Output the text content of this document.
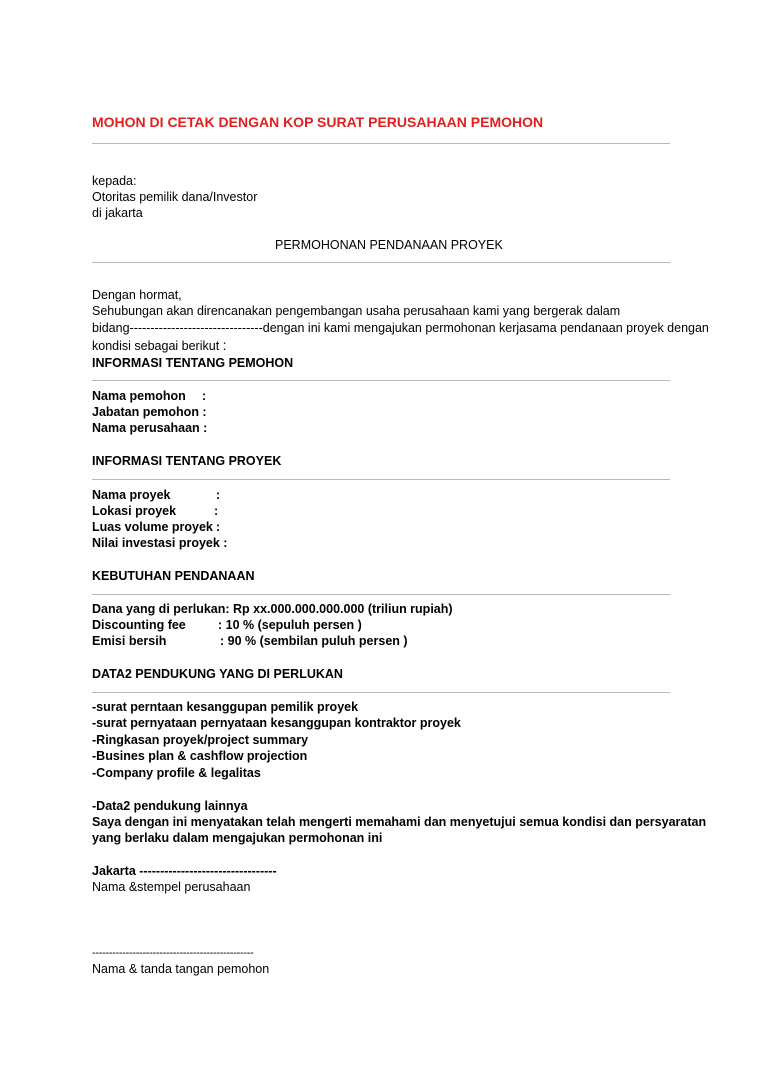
MOHON DI CETAK DENGAN KOP SURAT PERUSAHAAN PEMOHON
kepada:
Otoritas pemilik dana/Investor
di jakarta
PERMOHONAN PENDANAAN PROYEK
Dengan hormat,
Sehubungan akan direncanakan pengembangan usaha perusahaan kami yang bergerak dalam
bidang--------------------------------dengan ini kami mengajukan permohonan kerjasama pendanaan proyek dengan
kondisi sebagai berikut :
INFORMASI TENTANG PEMOHON
Nama pemohon :
Jabatan pemohon :
Nama perusahaan :
INFORMASI TENTANG PROYEK
Nama proyek	:
Lokasi proyek	:
Luas volume proyek :
Nilai investasi proyek :
KEBUTUHAN PENDANAAN
Dana yang di perlukan: Rp xx.000.000.000.000 (triliun rupiah)
Discounting fee	: 10 % (sepuluh persen )
Emisi bersih	: 90 % (sembilan puluh persen )
DATA2 PENDUKUNG YANG DI PERLUKAN
-surat perntaan kesanggupan pemilik proyek
-surat pernyataan pernyataan kesanggupan kontraktor proyek
-Ringkasan proyek/project summary
-Busines plan & cashflow projection
-Company profile & legalitas
-Data2 pendukung lainnya
Saya dengan ini menyatakan telah mengerti memahami dan menyetujui semua kondisi dan persyaratan
yang berlaku dalam mengajukan permohonan ini
Jakarta ---------------------------------
Nama &stempel perusahaan
------------------------------------------------
Nama & tanda tangan pemohon
